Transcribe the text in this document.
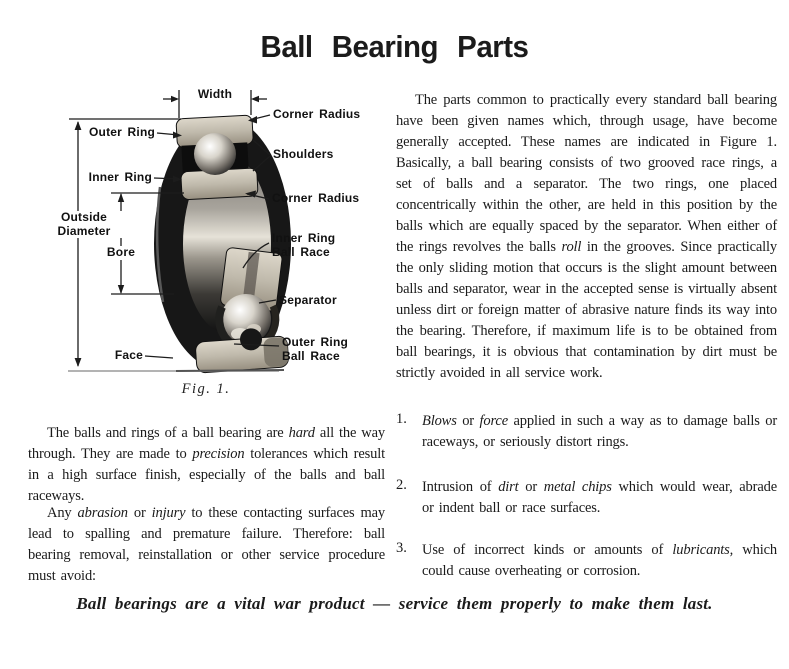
Ball Bearing Parts
Width
Corner Radius
Outer Ring
Shoulders
Inner Ring
Corner Radius
Outside Diameter
Bore
Inner Ring Ball Race
Separator
Face
Outer Ring Ball Race
Fig. 1.

The balls and rings of a ball bearing are hard all the way through. They are made to precision tolerances which result in a high surface finish, especially of the balls and ball raceways.

Any abrasion or injury to these contacting surfaces may lead to spalling and premature failure. Therefore: ball bearing removal, reinstallation or other service procedure must avoid:

The parts common to practically every standard ball bearing have been given names which, through usage, have become generally accepted. These names are indicated in Figure 1. Basically, a ball bearing consists of two grooved race rings, a set of balls and a separator. The two rings, one placed concentrically within the other, are held in this position by the balls which are equally spaced by the separator. When either of the rings revolves the balls roll in the grooves. Since practically the only sliding motion that occurs is the slight amount between balls and separator, wear in the accepted sense is virtually absent unless dirt or foreign matter of abrasive nature finds its way into the bearing. Therefore, if maximum life is to be obtained from ball bearings, it is obvious that contamination by dirt must be strictly avoided in all service work.

1.	Blows or force applied in such a way as to damage balls or raceways, or seriously distort rings.
2.	Intrusion of dirt or metal chips which would wear, abrade or indent ball or race surfaces.
3.	Use of incorrect kinds or amounts of lubricants, which could cause overheating or corrosion.
Ball bearings are a vital war product — service them properly to make them last.
